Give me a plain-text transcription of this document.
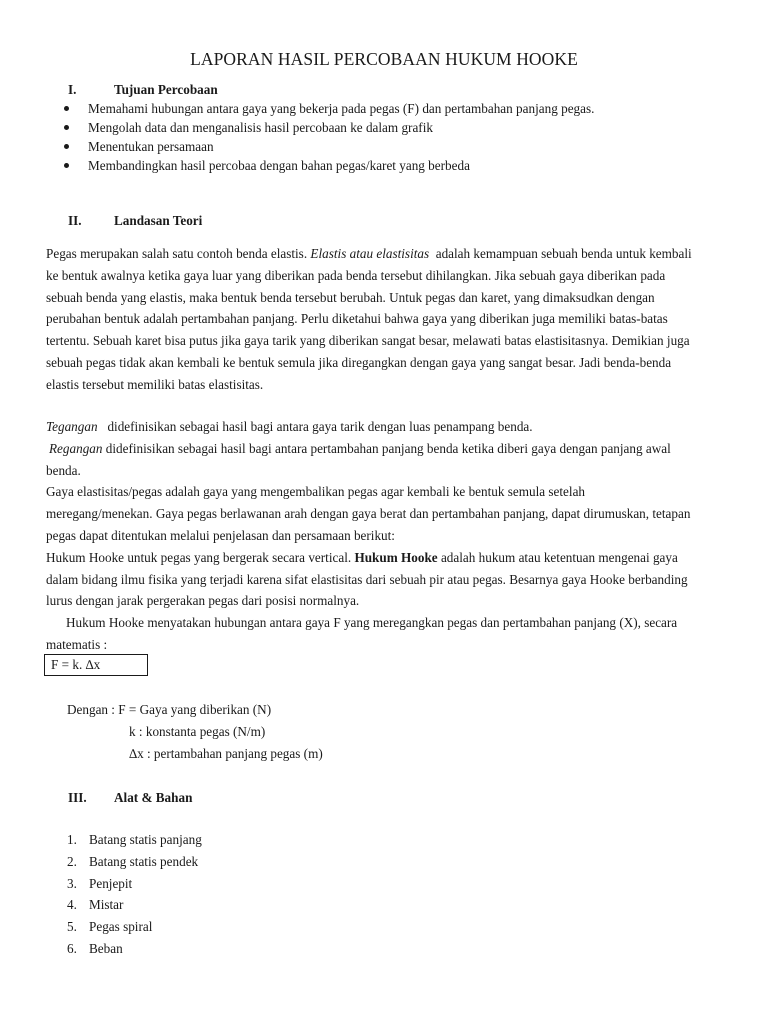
LAPORAN HASIL PERCOBAAN HUKUM HOOKE
I.	Tujuan Percobaan
Memahami hubungan antara gaya yang bekerja pada pegas (F) dan pertambahan panjang pegas.
Mengolah data dan menganalisis hasil percobaan ke dalam grafik
Menentukan persamaan
Membandingkan hasil percobaa dengan bahan pegas/karet yang berbeda
II. Landasan Teori
Pegas merupakan salah satu contoh benda elastis. Elastis atau elastisitas  adalah kemampuan sebuah benda untuk kembali
ke bentuk awalnya ketika gaya luar yang diberikan pada benda tersebut dihilangkan. Jika sebuah gaya diberikan pada
sebuah benda yang elastis, maka bentuk benda tersebut berubah. Untuk pegas dan karet, yang dimaksudkan dengan
perubahan bentuk adalah pertambahan panjang. Perlu diketahui bahwa gaya yang diberikan juga memiliki batas-batas
tertentu. Sebuah karet bisa putus jika gaya tarik yang diberikan sangat besar, melawati batas elastisitasnya. Demikian juga
sebuah pegas tidak akan kembali ke bentuk semula jika diregangkan dengan gaya yang sangat besar. Jadi benda-benda
elastis tersebut memiliki batas elastisitas.
Tegangan   didefinisikan sebagai hasil bagi antara gaya tarik dengan luas penampang benda.
Regangan didefinisikan sebagai hasil bagi antara pertambahan panjang benda ketika diberi gaya dengan panjang awal
benda.
Gaya elastisitas/pegas adalah gaya yang mengembalikan pegas agar kembali ke bentuk semula setelah
meregang/menekan. Gaya pegas berlawanan arah dengan gaya berat dan pertambahan panjang, dapat dirumuskan, tetapan
pegas dapat ditentukan melalui penjelasan dan persamaan berikut:
Hukum Hooke untuk pegas yang bergerak secara vertical. Hukum Hooke adalah hukum atau ketentuan mengenai gaya
dalam bidang ilmu fisika yang terjadi karena sifat elastisitas dari sebuah pir atau pegas. Besarnya gaya Hooke berbanding
lurus dengan jarak pergerakan pegas dari posisi normalnya.
Hukum Hooke menyatakan hubungan antara gaya F yang meregangkan pegas dan pertambahan panjang (X), secara
matematis :
F = k. ∆x
Dengan : F = Gaya yang diberikan (N)
k : konstanta pegas (N/m)
∆x : pertambahan panjang pegas (m)
III. Alat & Bahan
1. Batang statis panjang
2. Batang statis pendek
3. Penjepit
4. Mistar
5. Pegas spiral
6. Beban
